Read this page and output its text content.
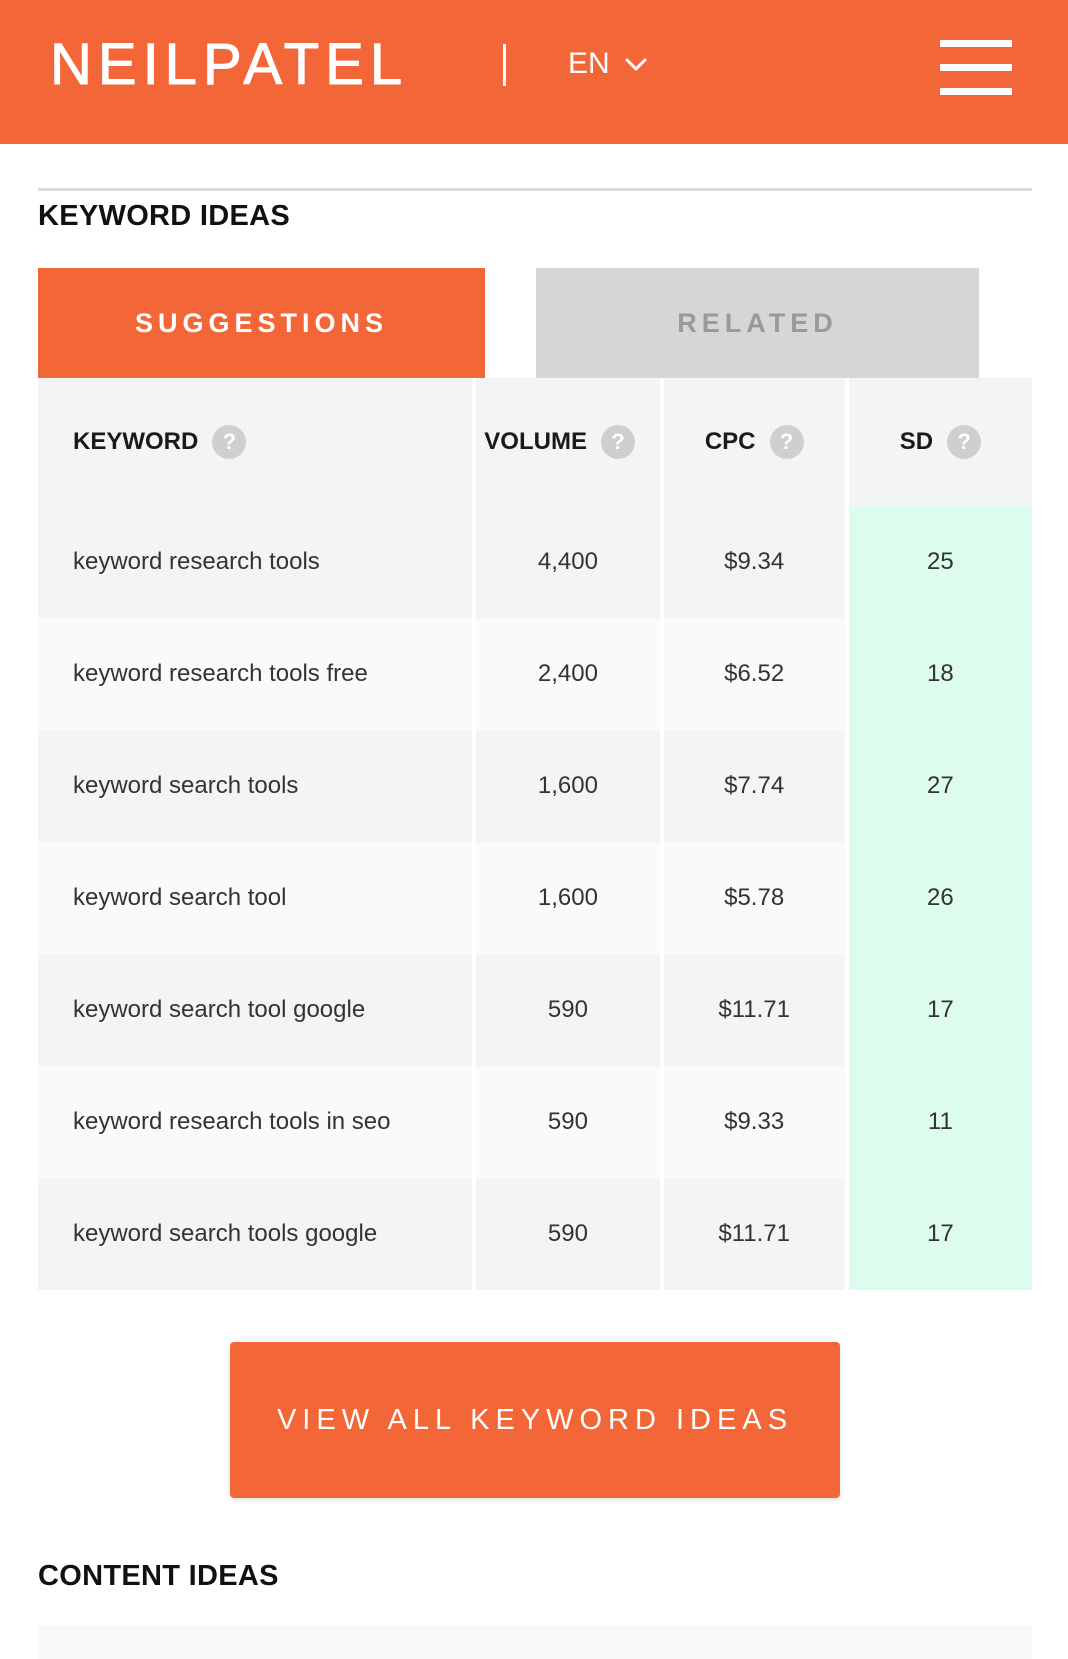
NEILPATEL	EN
KEYWORD IDEAS
SUGGESTIONS	RELATED
KEYWORD	?	VOLUME	?	CPC	?	SD	?
keyword research tools	4,400	$9.34	25
keyword research tools free	2,400	$6.52	18
keyword search tools	1,600	$7.74	27
keyword search tool	1,600	$5.78	26
keyword search tool google	590	$11.71	17
keyword research tools in seo	590	$9.33	11
keyword search tools google	590	$11.71	17
VIEW ALL KEYWORD IDEAS
CONTENT IDEAS
